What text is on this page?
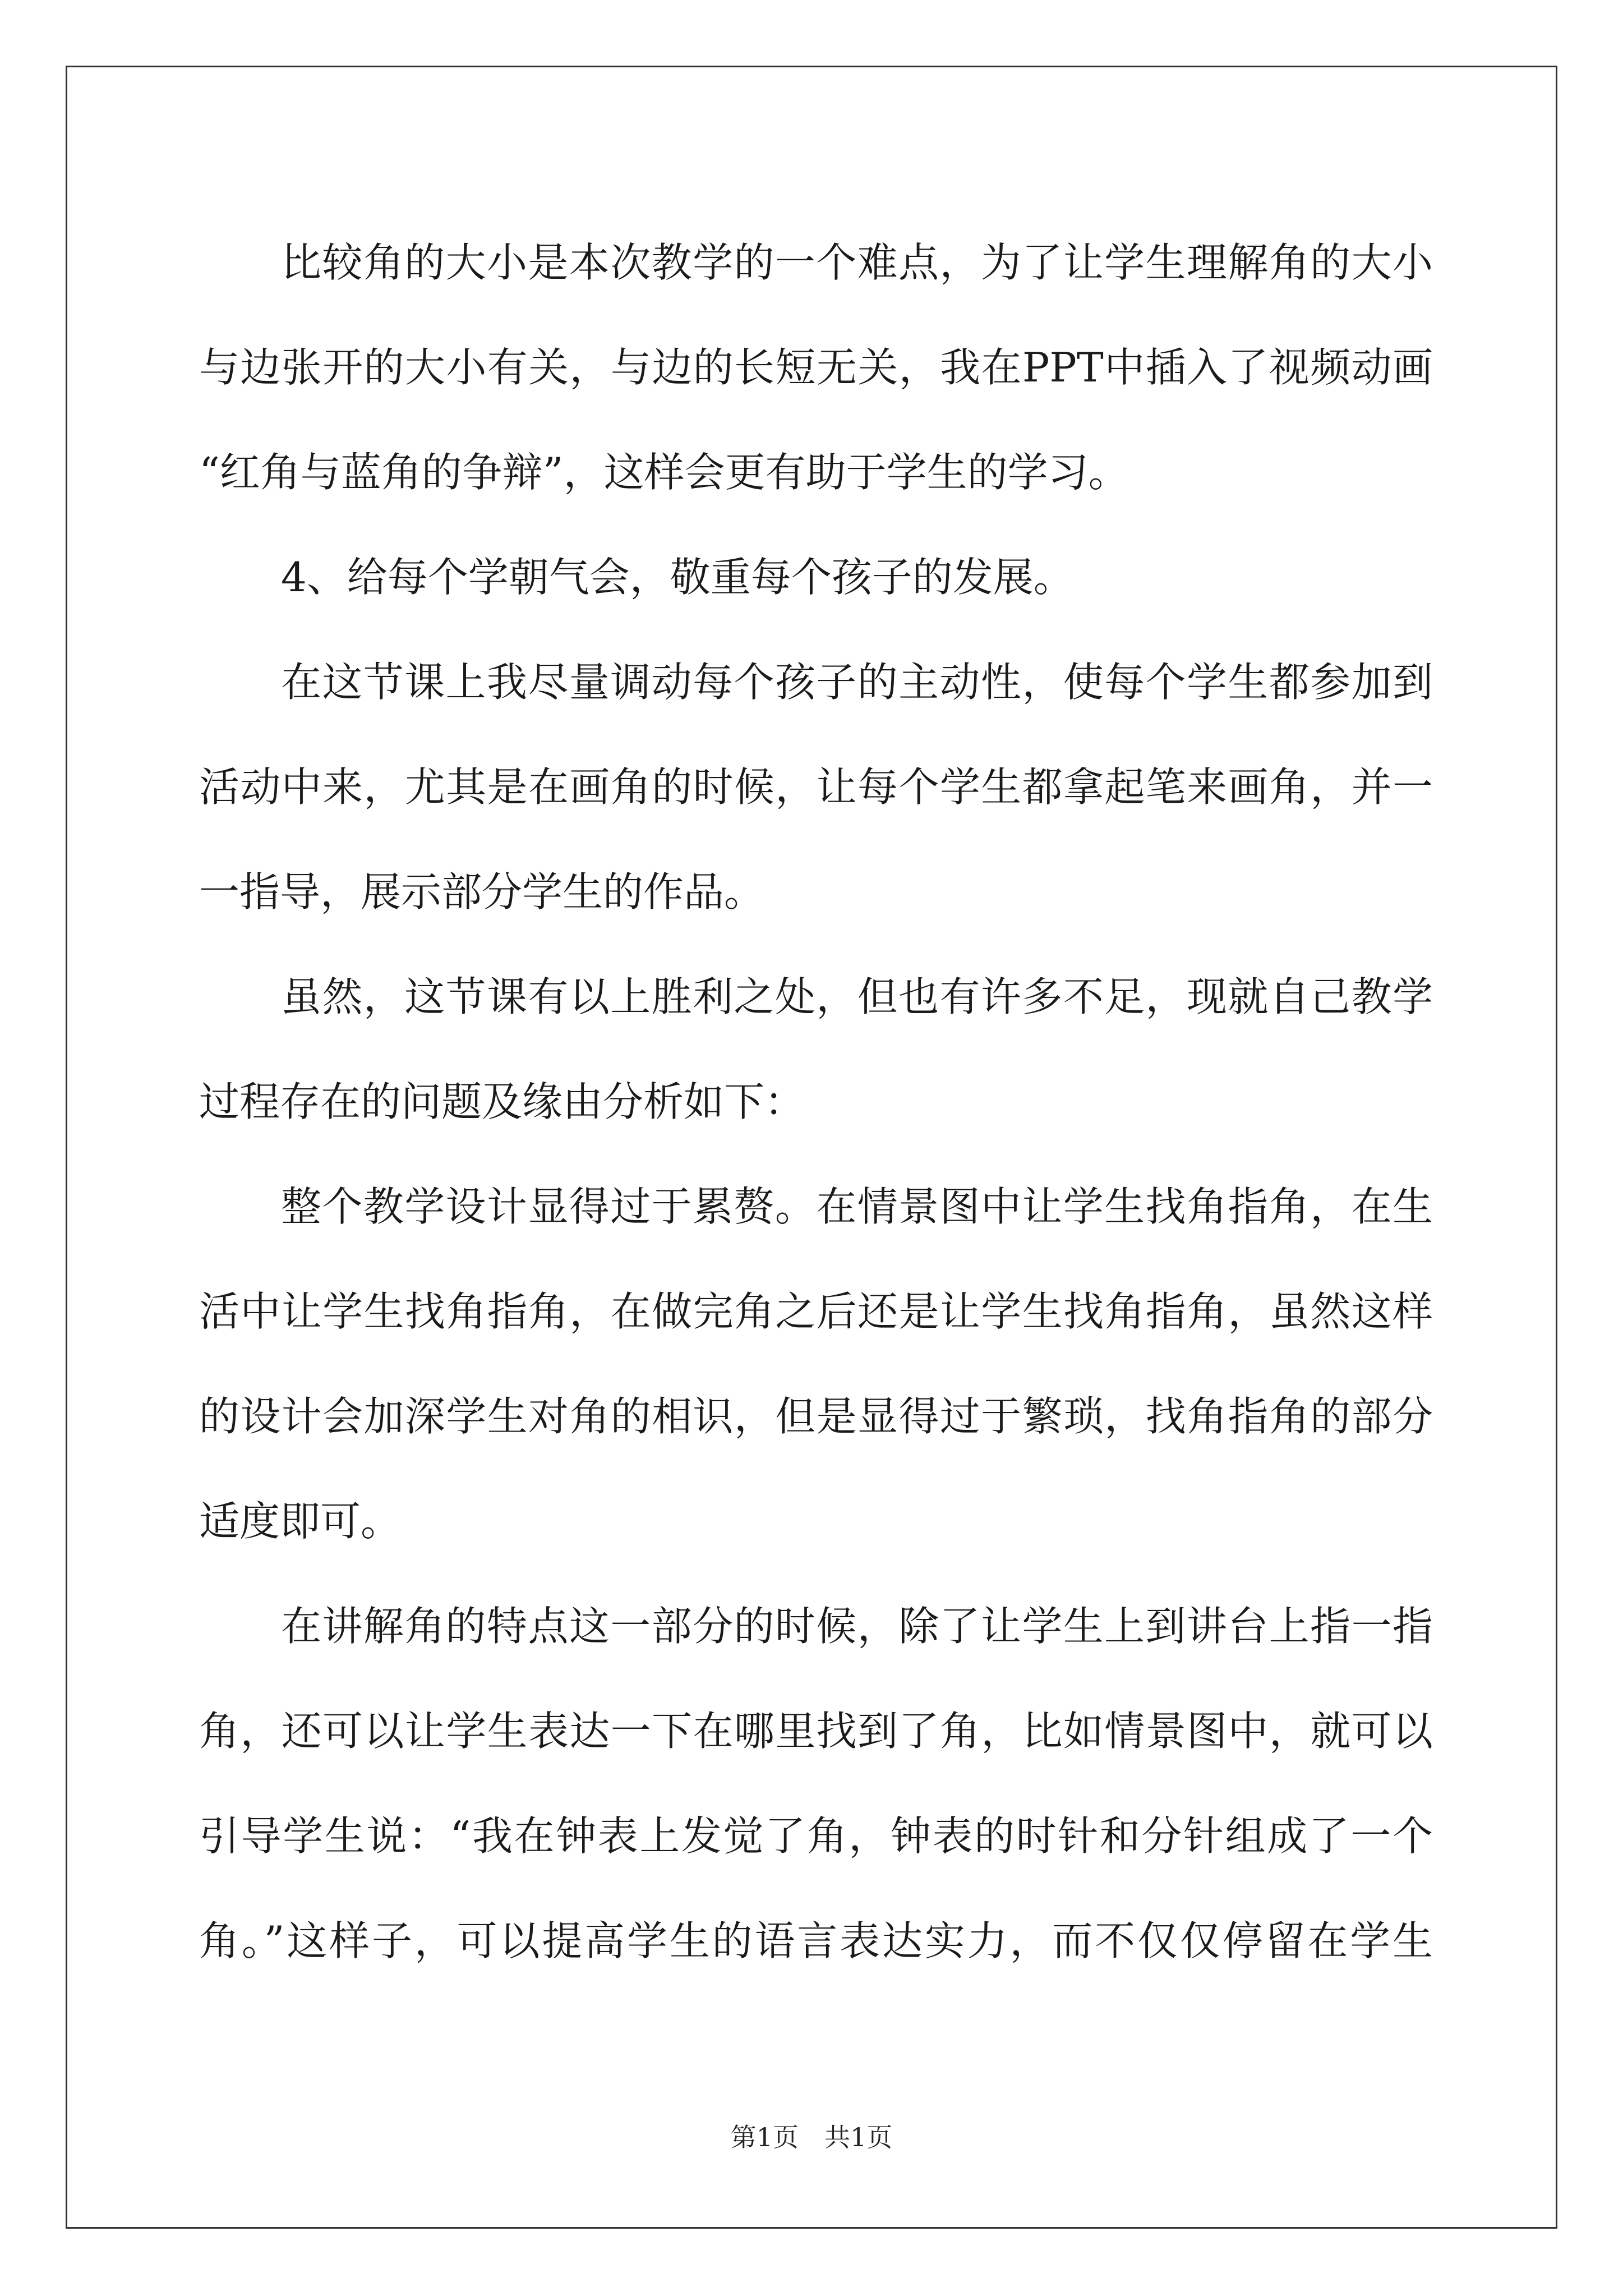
比较角的大小是本次教学的一个难点，为了让学生理解角的大小
与边张开的大小有关，与边的长短无关，我在PPT中插入了视频动画
“红角与蓝角的争辩”，这样会更有助于学生的学习。
4、给每个学朝气会，敬重每个孩子的发展。
在这节课上我尽量调动每个孩子的主动性，使每个学生都参加到
活动中来，尤其是在画角的时候，让每个学生都拿起笔来画角，并一
一指导，展示部分学生的作品。
虽然，这节课有以上胜利之处，但也有许多不足，现就自己教学
过程存在的问题及缘由分析如下：
整个教学设计显得过于累赘。在情景图中让学生找角指角，在生
活中让学生找角指角，在做完角之后还是让学生找角指角，虽然这样
的设计会加深学生对角的相识，但是显得过于繁琐，找角指角的部分
适度即可。
在讲解角的特点这一部分的时候，除了让学生上到讲台上指一指
角，还可以让学生表达一下在哪里找到了角，比如情景图中，就可以
引导学生说：“我在钟表上发觉了角，钟表的时针和分针组成了一个
角。”这样子，可以提高学生的语言表达实力，而不仅仅停留在学生
第1页 共1页
